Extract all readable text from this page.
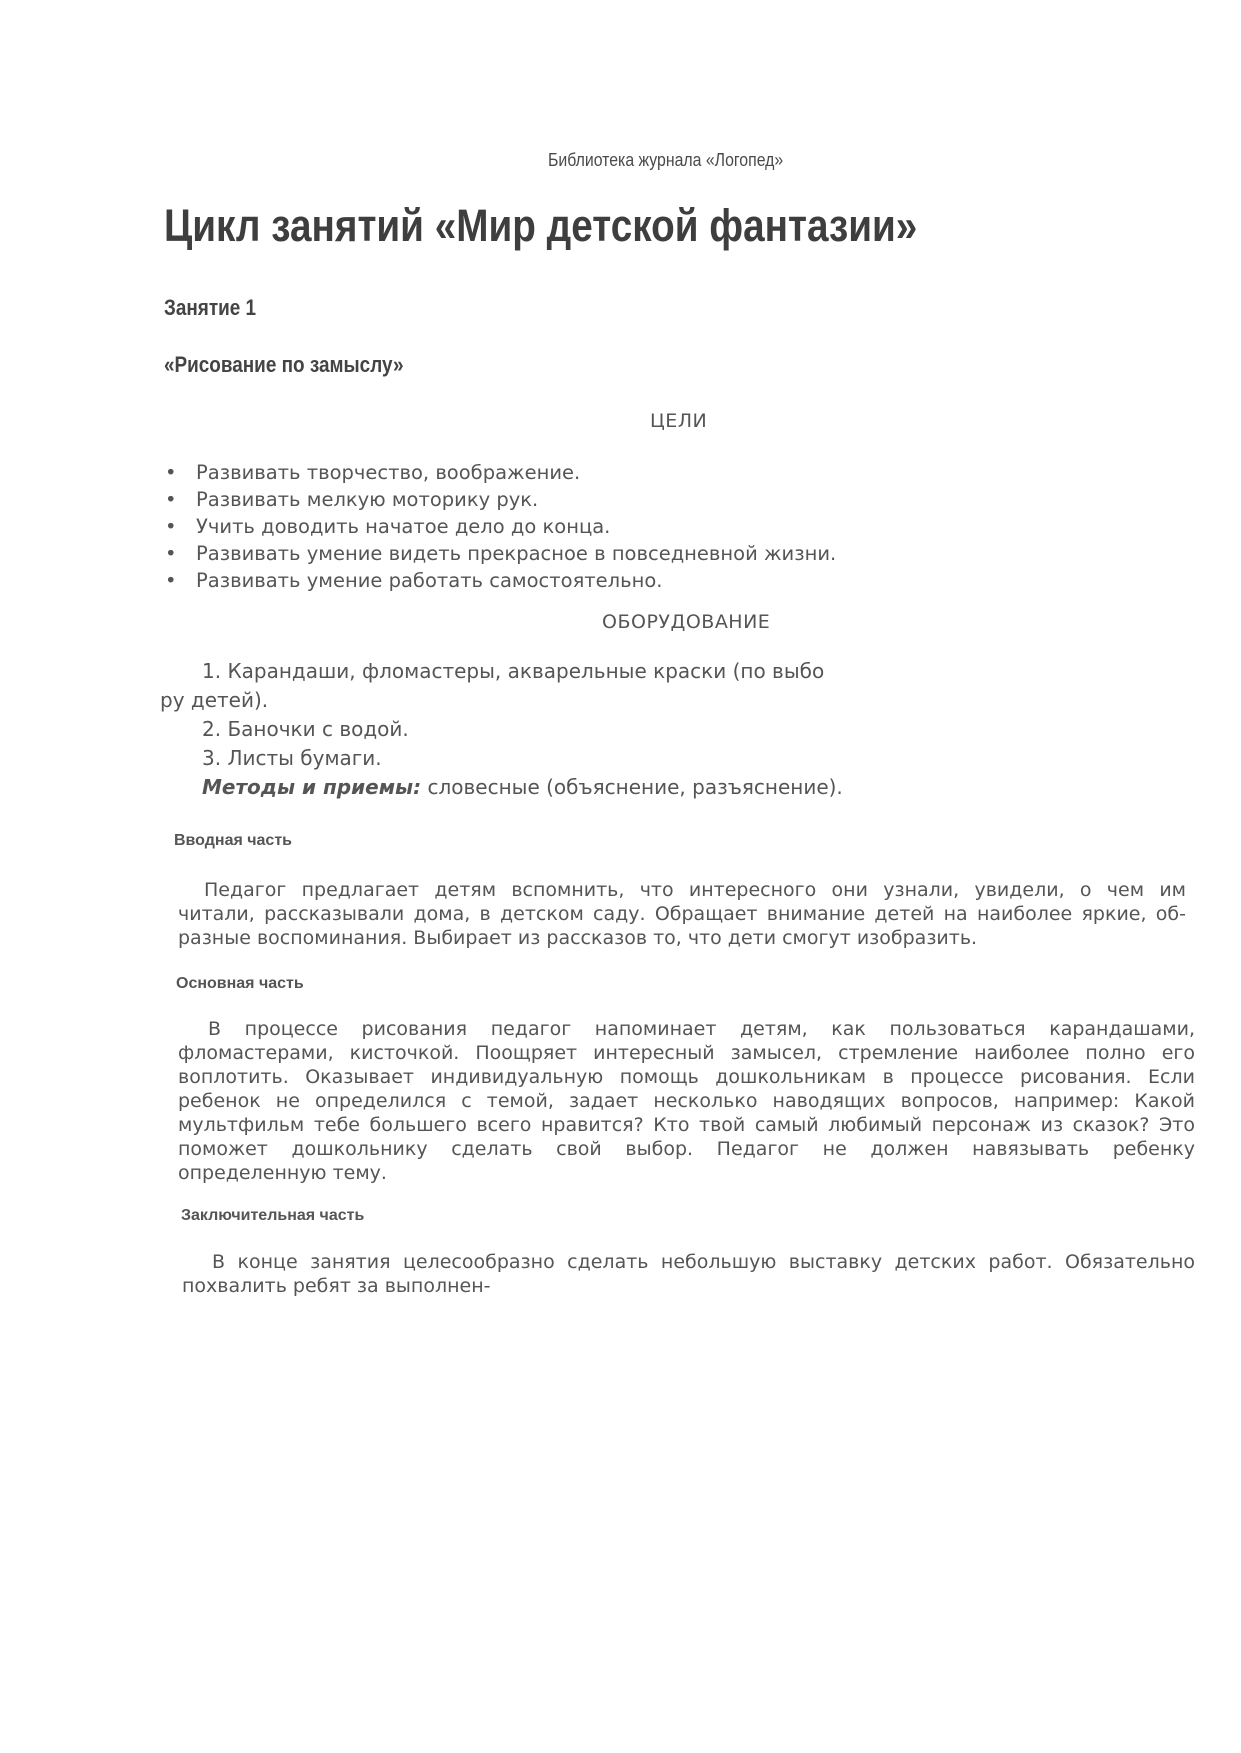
Библиотека журнала «Логопед»
Цикл занятий «Мир детской фантазии»
Занятие 1
«Рисование по замыслу»
ЦЕЛИ
• Развивать творчество, воображение.
• Развивать мелкую моторику рук.
• Учить доводить начатое дело до конца.
• Развивать умение видеть прекрасное в повседневной жизни.
• Развивать умение работать самостоятельно.
ОБОРУДОВАНИЕ
1. Карандаши, фломастеры, акварельные краски (по выбо
ру детей).
2. Баночки с водой.
3. Листы бумаги.
Методы и приемы: словесные (объяснение, разъяснение).
Вводная часть
Педагог предлагает детям вспомнить, что интересного они узнали, увидели, о чем им
читали, рассказывали дома, в детском саду. Обращает внимание детей на наиболее яркие, об-
разные воспоминания. Выбирает из рассказов то, что дети смогут изобразить.
Основная часть
В процессе рисования педагог напоминает детям, как пользоваться карандашами,
фломастерами, кисточкой. Поощряет интересный замысел, стремление наиболее полно его
воплотить. Оказывает индивидуальную помощь дошкольникам в процессе рисования. Если
ребенок не определился с темой, задает несколько наводящих вопросов, например: Какой
мультфильм тебе большего всего нравится? Кто твой самый любимый персонаж из сказок? Это
поможет дошкольнику сделать свой выбор. Педагог не должен навязывать ребенку
определенную тему.
Заключительная часть
В конце занятия целесообразно сделать небольшую выставку детских работ. Обязательно
похвалить ребят за выполнен-
